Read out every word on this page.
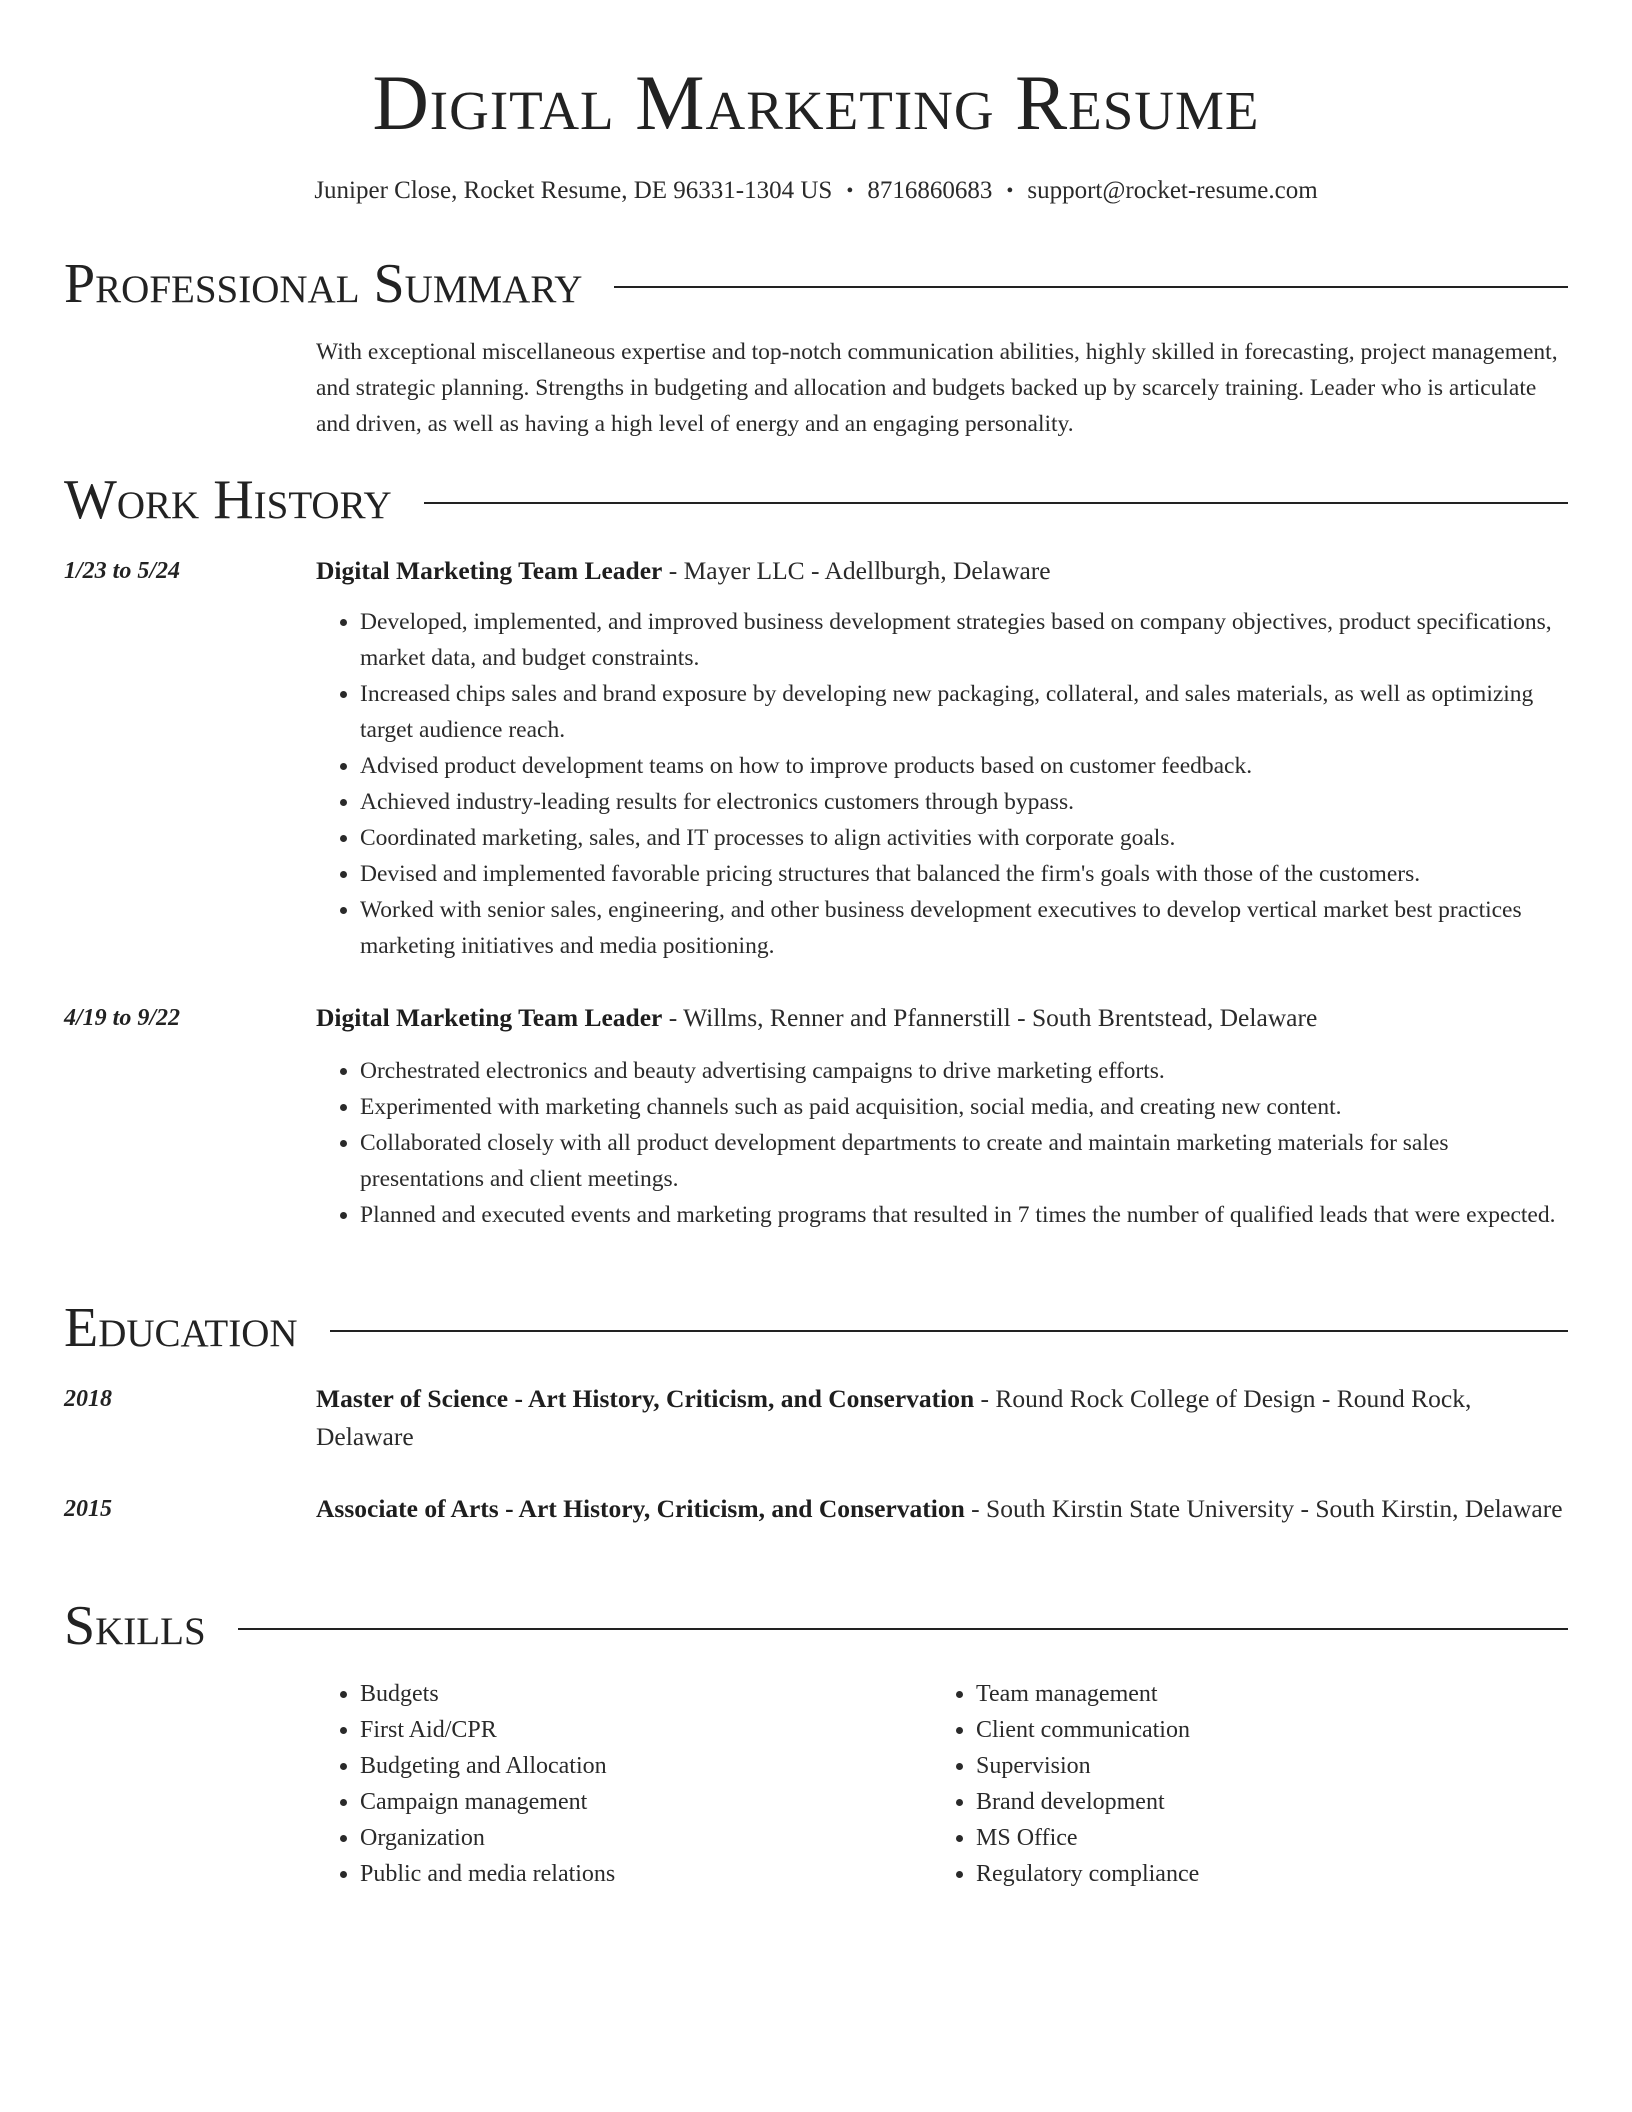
Digital Marketing Resume
Juniper Close, Rocket Resume, DE 96331-1304 US • 8716860683 • support@rocket-resume.com
Professional Summary

With exceptional miscellaneous expertise and top-notch communication abilities, highly skilled in forecasting, project management, and strategic planning. Strengths in budgeting and allocation and budgets backed up by scarcely training. Leader who is articulate and driven, as well as having a high level of energy and an engaging personality.

Work History
1/23 to 5/24	Digital Marketing Team Leader - Mayer LLC - Adellburgh, Delaware
• Developed, implemented, and improved business development strategies based on company objectives, product specifications, market data, and budget constraints.
• Increased chips sales and brand exposure by developing new packaging, collateral, and sales materials, as well as optimizing target audience reach.
• Advised product development teams on how to improve products based on customer feedback.
• Achieved industry-leading results for electronics customers through bypass.
• Coordinated marketing, sales, and IT processes to align activities with corporate goals.
• Devised and implemented favorable pricing structures that balanced the firm's goals with those of the customers.
• Worked with senior sales, engineering, and other business development executives to develop vertical market best practices marketing initiatives and media positioning.
4/19 to 9/22	Digital Marketing Team Leader - Willms, Renner and Pfannerstill - South Brentstead, Delaware
• Orchestrated electronics and beauty advertising campaigns to drive marketing efforts.
• Experimented with marketing channels such as paid acquisition, social media, and creating new content.
• Collaborated closely with all product development departments to create and maintain marketing materials for sales presentations and client meetings.
• Planned and executed events and marketing programs that resulted in 7 times the number of qualified leads that were expected.
Education
2018	Master of Science - Art History, Criticism, and Conservation - Round Rock College of Design - Round Rock, Delaware
2015	Associate of Arts - Art History, Criticism, and Conservation - South Kirstin State University - South Kirstin, Delaware
Skills
• Budgets
• First Aid/CPR
• Budgeting and Allocation
• Campaign management
• Organization
• Public and media relations
• Team management
• Client communication
• Supervision
• Brand development
• MS Office
• Regulatory compliance
